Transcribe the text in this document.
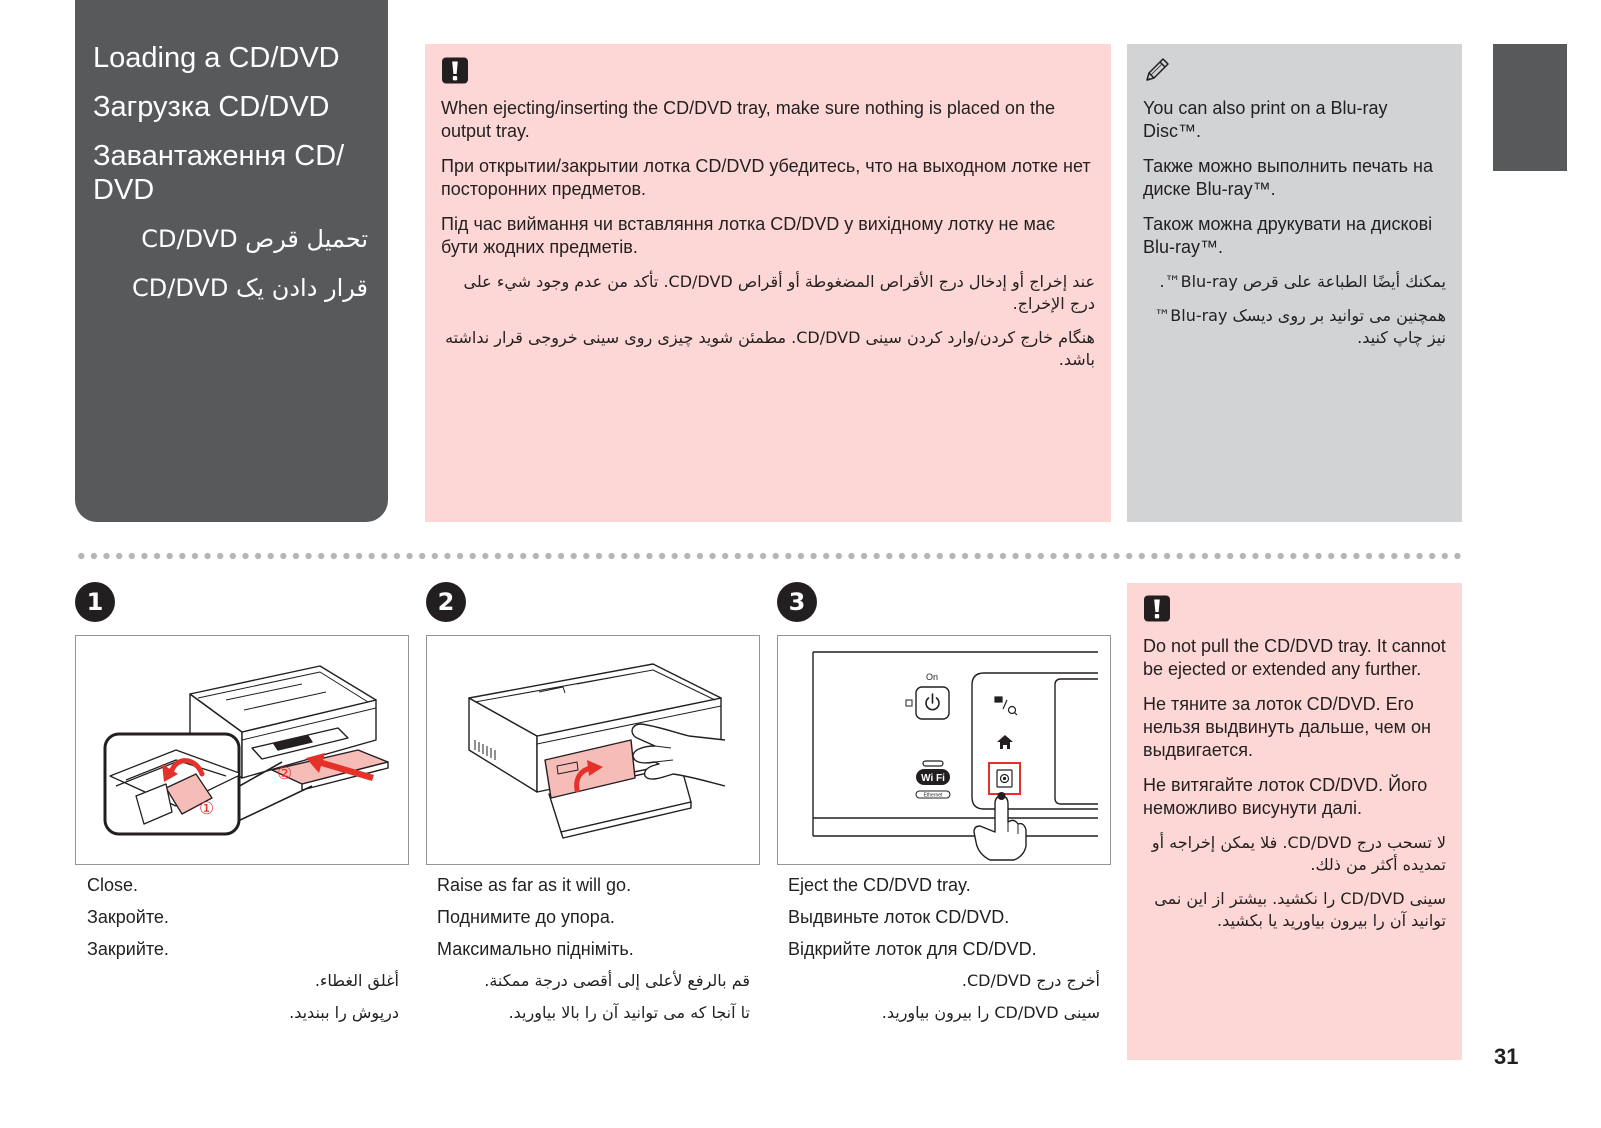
Loading a CD/DVD
Загрузка CD/DVD
Завантаження CD/
DVD
تحميل قرص CD/DVD
قرار دادن یک CD/DVD

When ejecting/inserting the CD/DVD tray, make sure nothing is placed on the output tray.

При открытии/закрытии лотка CD/DVD убедитесь, что на выходном лотке нет посторонних предметов.

Під час виймання чи вставляння лотка CD/DVD у вихідному лотку не має бути жодних предметів.

عند إخراج أو إدخال درج الأقراص المضغوطة أو أقراص CD/DVD. تأكد من عدم وجود شيء على درج الإخراج.

هنگام خارج کردن/وارد کردن سینی CD/DVD. مطمئن شوید چیزی روی سینی خروجی قرار نداشته باشد.

You can also print on a Blu-ray Disc™.

Также можно выполнить печать на диске Blu-ray™.

Також можна друкувати на дискові Blu-ray™.

يمكنك أيضًا الطباعة على قرص Blu-ray™.

همچنین می توانید بر روی دیسک Blu-ray™ نیز چاپ کنید.

1	2	3
②
①
On
Wi Fi
Ethernet

Close.

Закройте.

Закрийте.

أغلق الغطاء.

درپوش را ببندید.

Raise as far as it will go.

Поднимите до упора.

Максимально підніміть.

قم بالرفع لأعلى إلى أقصى درجة ممكنة.

تا آنجا که می توانید آن را بالا بیاورید.

Eject the CD/DVD tray.

Выдвиньте лоток CD/DVD.

Відкрийте лоток для CD/DVD.

أخرج درج CD/DVD.

سینی CD/DVD را بیرون بیاورید.

Do not pull the CD/DVD tray. It cannot be ejected or extended any further.

Не тяните за лоток CD/DVD. Его нельзя выдвинуть дальше, чем он выдвигается.

Не витягайте лоток CD/DVD. Його неможливо висунути далі.

لا تسحب درج CD/DVD. فلا يمكن إخراجه أو تمديده أكثر من ذلك.

سینی CD/DVD را نکشید. بیشتر از این نمی توانید آن را بیرون بیاورید یا بکشید.

31
